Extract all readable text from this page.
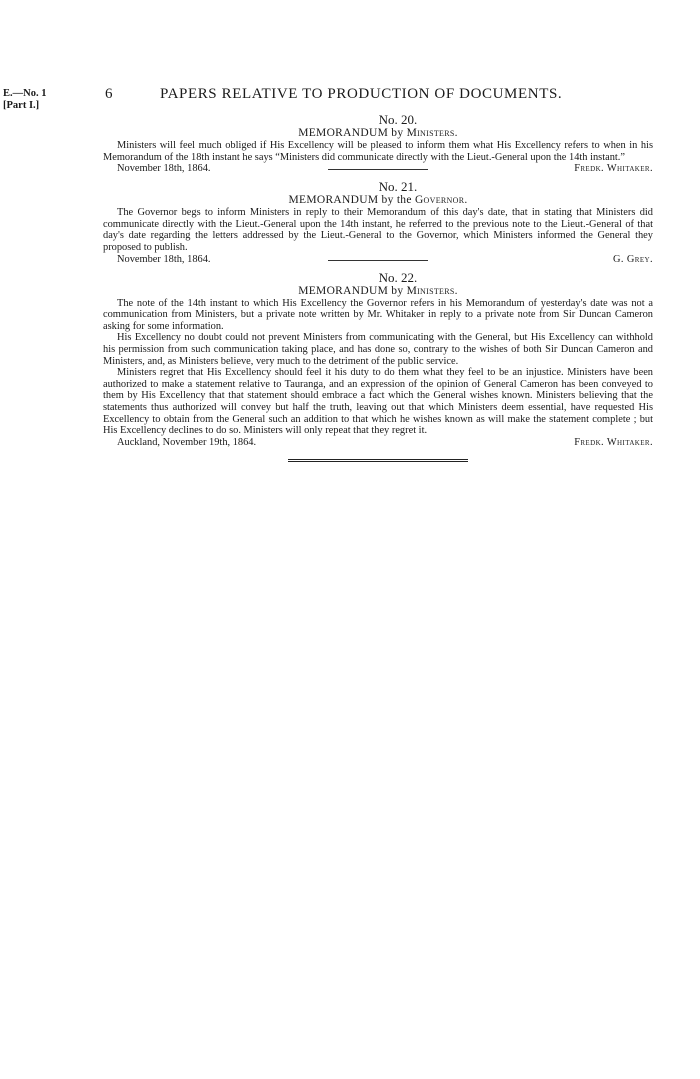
E.—No. 1
[Part I.]
6	PAPERS RELATIVE TO PRODUCTION OF DOCUMENTS.
No. 20.
MEMORANDUM by Ministers.

Ministers will feel much obliged if His Excellency will be pleased to inform them what His Excellency refers to when in his Memorandum of the 18th instant he says “Ministers did communicate directly with the Lieut.-General upon the 14th instant.”

November 18th, 1864.	Fredk. Whitaker.
No. 21.
MEMORANDUM by the Governor.

The Governor begs to inform Ministers in reply to their Memorandum of this day's date, that in stating that Ministers did communicate directly with the Lieut.-General upon the 14th instant, he referred to the previous note to the Lieut.-General of that day's date regarding the letters addressed by the Lieut.-General to the Governor, which Ministers informed the General they proposed to publish.

November 18th, 1864.	G. Grey.
No. 22.
MEMORANDUM by Ministers.

The note of the 14th instant to which His Excellency the Governor refers in his Memorandum of yesterday's date was not a communication from Ministers, but a private note written by Mr. Whitaker in reply to a private note from Sir Duncan Cameron asking for some information.

His Excellency no doubt could not prevent Ministers from communicating with the General, but His Excellency can withhold his permission from such communication taking place, and has done so, contrary to the wishes of both Sir Duncan Cameron and Ministers, and, as Ministers believe, very much to the detriment of the public service.

Ministers regret that His Excellency should feel it his duty to do them what they feel to be an injustice. Ministers have been authorized to make a statement relative to Tauranga, and an expression of the opinion of General Cameron has been conveyed to them by His Excellency that that statement should embrace a fact which the General wishes known. Ministers believing that the statements thus authorized will convey but half the truth, leaving out that which Ministers deem essential, have requested His Excellency to obtain from the General such an addition to that which he wishes known as will make the statement complete ; but His Excellency declines to do so. Ministers will only repeat that they regret it.

Auckland, November 19th, 1864.	Fredk. Whitaker.
